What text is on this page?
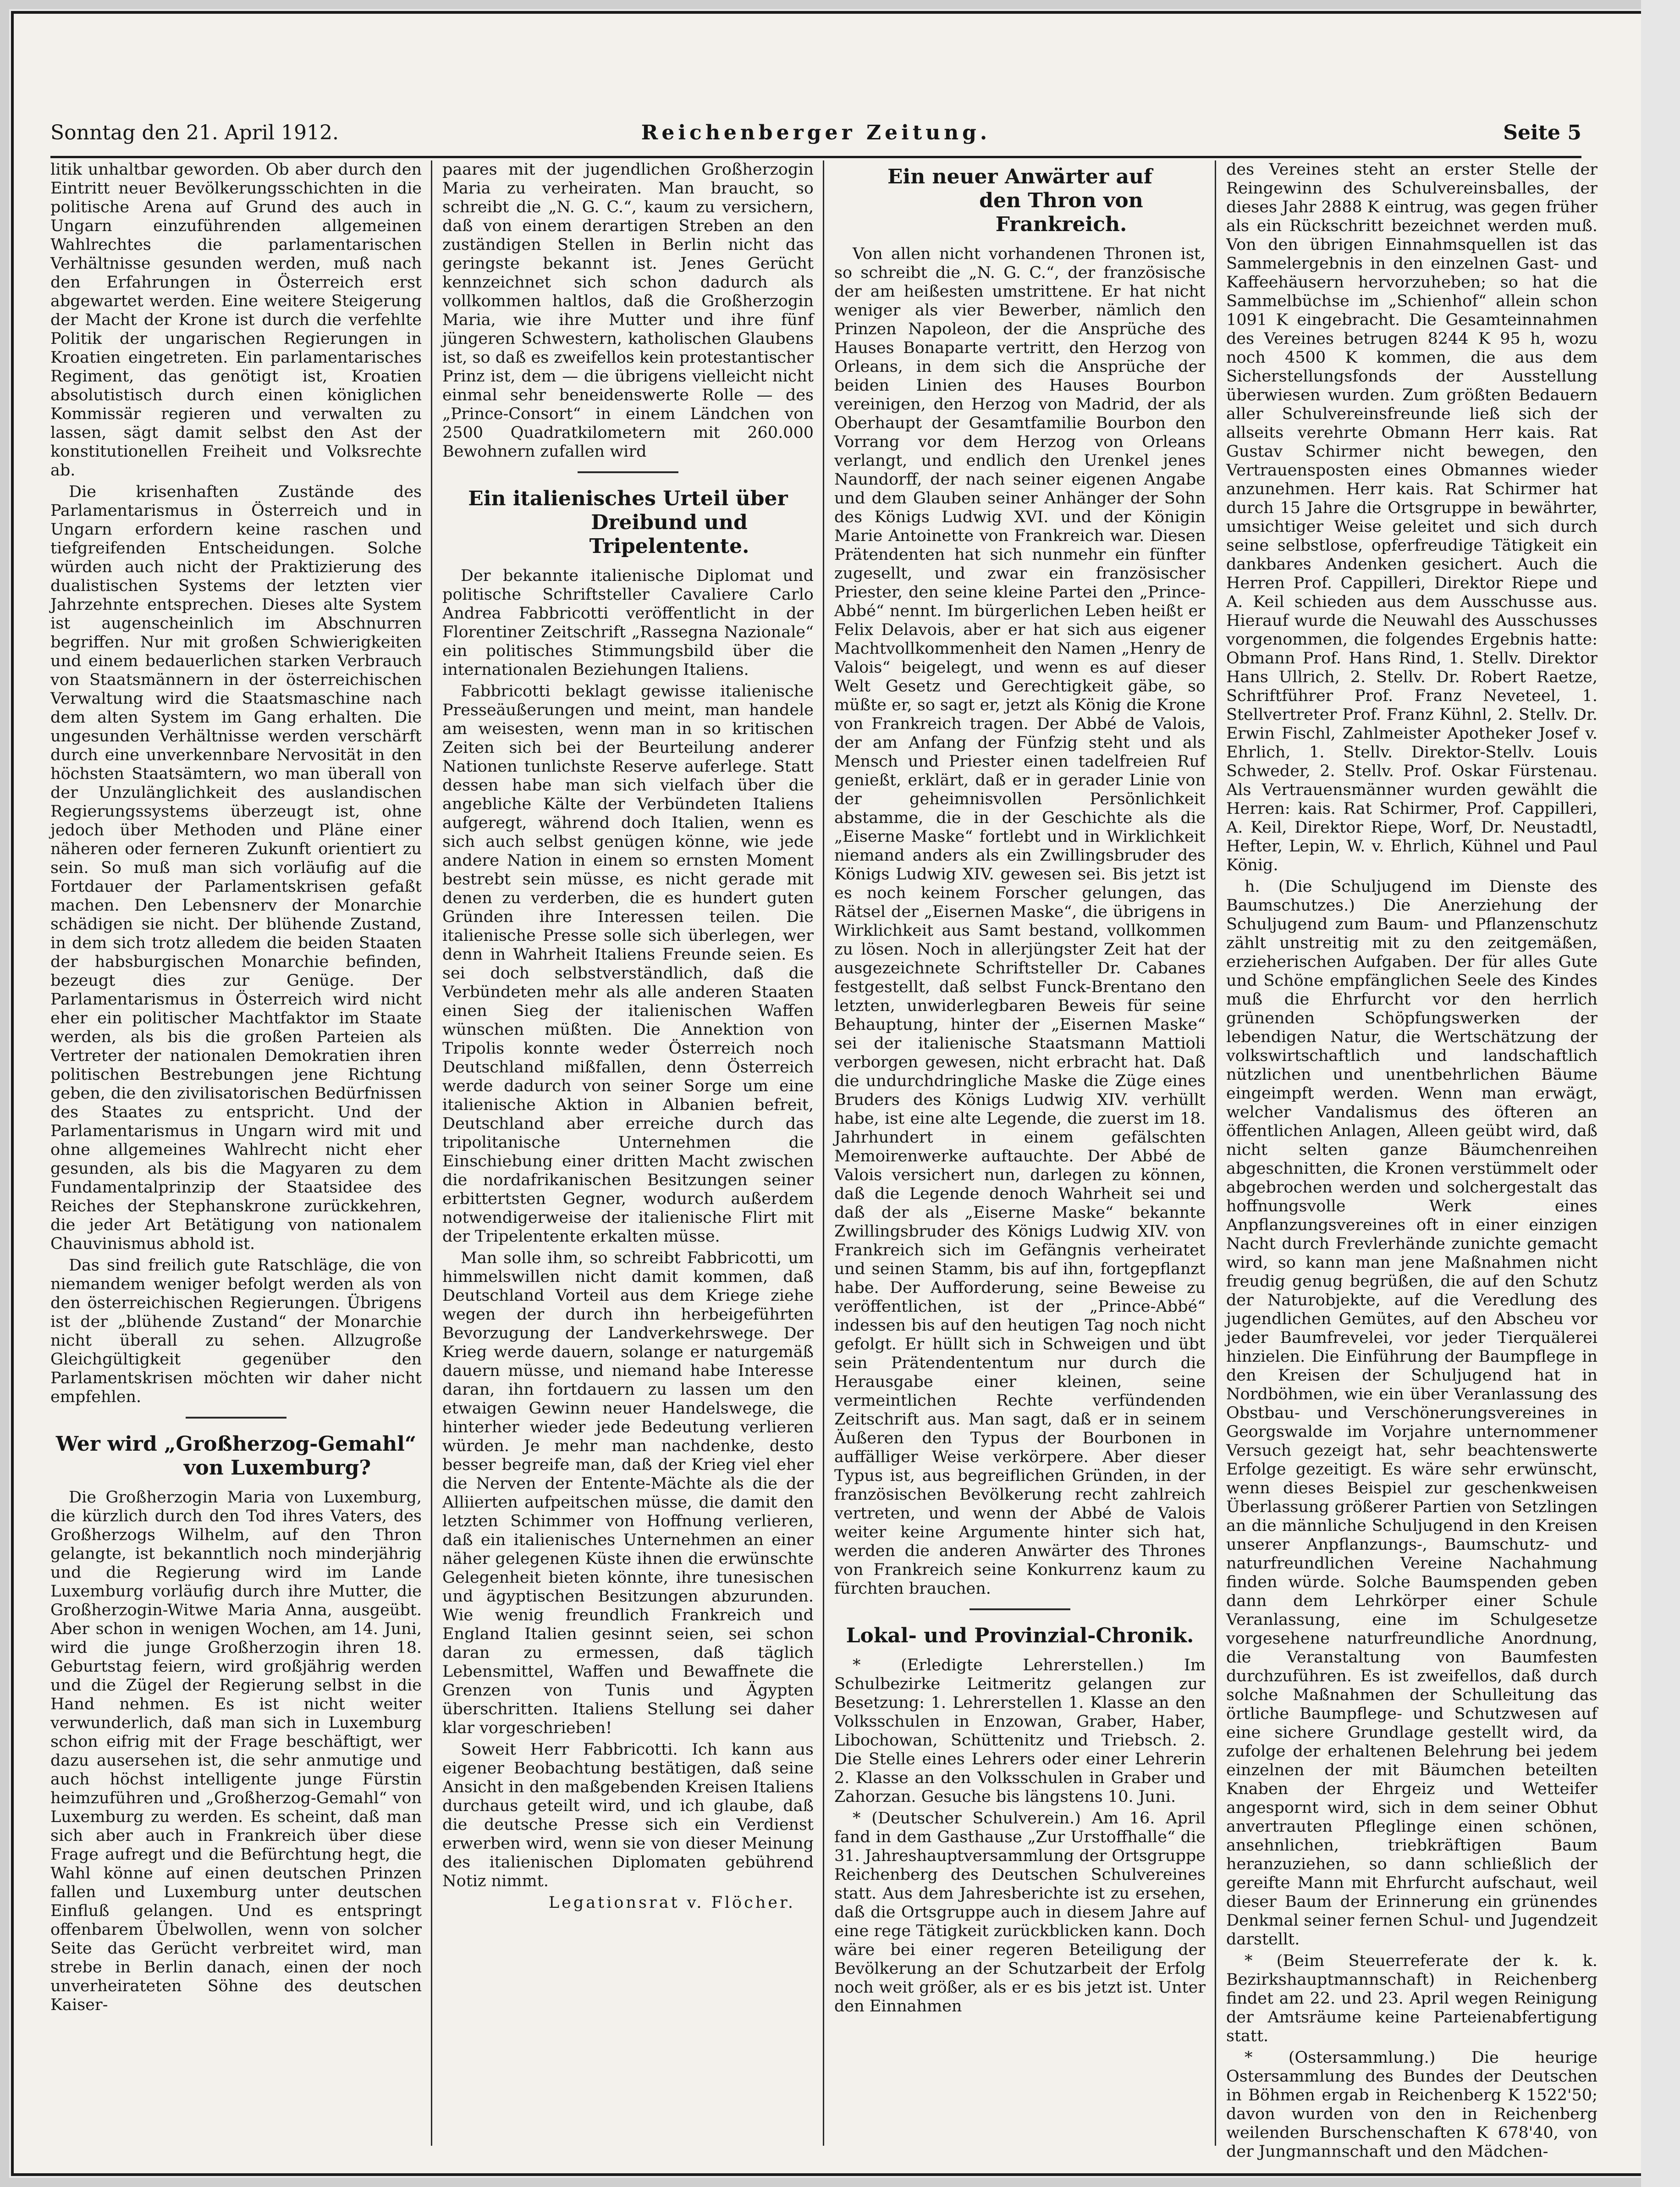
Sonntag den 21. April 1912.	Reichenberger Zeitung.	Seite 5

litik unhaltbar geworden. Ob aber durch den Eintritt neuer Bevölkerungsschichten in die politische Arena auf Grund des auch in Ungarn einzuführenden allgemeinen Wahlrechtes die parlamentarischen Verhältnisse gesunden werden, muß nach den Erfahrungen in Österreich erst abgewartet werden. Eine weitere Steigerung der Macht der Krone ist durch die verfehlte Politik der ungarischen Regierungen in Kroatien eingetreten. Ein parlamentarisches Regiment, das genötigt ist, Kroatien absolutistisch durch einen königlichen Kommissär regieren und verwalten zu lassen, sägt damit selbst den Ast der konstitutionellen Freiheit und Volksrechte ab.

Die krisenhaften Zustände des Parlamentarismus in Österreich und in Ungarn erfordern keine raschen und tiefgreifenden Entscheidungen. Solche würden auch nicht der Praktizierung des dualistischen Systems der letzten vier Jahrzehnte entsprechen. Dieses alte System ist augenscheinlich im Abschnurren begriffen. Nur mit großen Schwierigkeiten und einem bedauerlichen starken Verbrauch von Staatsmännern in der österreichischen Verwaltung wird die Staatsmaschine nach dem alten System im Gang erhalten. Die ungesunden Verhältnisse werden verschärft durch eine unverkennbare Nervosität in den höchsten Staatsämtern, wo man überall von der Unzulänglichkeit des auslandischen Regierungssystems überzeugt ist, ohne jedoch über Methoden und Pläne einer näheren oder ferneren Zukunft orientiert zu sein. So muß man sich vorläufig auf die Fortdauer der Parlamentskrisen gefaßt machen. Den Lebensnerv der Monarchie schädigen sie nicht. Der blühende Zustand, in dem sich trotz alledem die beiden Staaten der habsburgischen Monarchie befinden, bezeugt dies zur Genüge. Der Parlamentarismus in Österreich wird nicht eher ein politischer Machtfaktor im Staate werden, als bis die großen Parteien als Vertreter der nationalen Demokratien ihren politischen Bestrebungen jene Richtung geben, die den zivilisatorischen Bedürfnissen des Staates zu entspricht. Und der Parlamentarismus in Ungarn wird mit und ohne allgemeines Wahlrecht nicht eher gesunden, als bis die Magyaren zu dem Fundamentalprinzip der Staatsidee des Reiches der Stephanskrone zurückkehren, die jeder Art Betätigung von nationalem Chauvinismus abhold ist.

Das sind freilich gute Ratschläge, die von niemandem weniger befolgt werden als von den österreichischen Regierungen. Übrigens ist der „blühende Zustand“ der Monarchie nicht überall zu sehen. Allzugroße Gleichgültigkeit gegenüber den Parlamentskrisen möchten wir daher nicht empfehlen.

Wer wird „Großherzog-Gemahl“
von Luxemburg?

Die Großherzogin Maria von Luxemburg, die kürzlich durch den Tod ihres Vaters, des Großherzogs Wilhelm, auf den Thron gelangte, ist bekanntlich noch minderjährig und die Regierung wird im Lande Luxemburg vorläufig durch ihre Mutter, die Großherzogin-Witwe Maria Anna, ausgeübt. Aber schon in wenigen Wochen, am 14. Juni, wird die junge Großherzogin ihren 18. Geburtstag feiern, wird großjährig werden und die Zügel der Regierung selbst in die Hand nehmen. Es ist nicht weiter verwunderlich, daß man sich in Luxemburg schon eifrig mit der Frage beschäftigt, wer dazu ausersehen ist, die sehr anmutige und auch höchst intelligente junge Fürstin heimzuführen und „Großherzog-Gemahl“ von Luxemburg zu werden. Es scheint, daß man sich aber auch in Frankreich über diese Frage aufregt und die Befürchtung hegt, die Wahl könne auf einen deutschen Prinzen fallen und Luxemburg unter deutschen Einfluß gelangen. Und es entspringt offenbarem Übelwollen, wenn von solcher Seite das Gerücht verbreitet wird, man strebe in Berlin danach, einen der noch unverheirateten Söhne des deutschen Kaiser-

paares mit der jugendlichen Großherzogin Maria zu verheiraten. Man braucht, so schreibt die „N. G. C.“, kaum zu versichern, daß von einem derartigen Streben an den zuständigen Stellen in Berlin nicht das geringste bekannt ist. Jenes Gerücht kennzeichnet sich schon dadurch als vollkommen haltlos, daß die Großherzogin Maria, wie ihre Mutter und ihre fünf jüngeren Schwestern, katholischen Glaubens ist, so daß es zweifellos kein protestantischer Prinz ist, dem — die übrigens vielleicht nicht einmal sehr beneidenswerte Rolle — des „Prince-Consort“ in einem Ländchen von 2500 Quadratkilometern mit 260.000 Bewohnern zufallen wird

Ein italienisches Urteil über
Dreibund und Tripelentente.

Der bekannte italienische Diplomat und politische Schriftsteller Cavaliere Carlo Andrea Fabbricotti veröffentlicht in der Florentiner Zeitschrift „Rassegna Nazionale“ ein politisches Stimmungsbild über die internationalen Beziehungen Italiens.

Fabbricotti beklagt gewisse italienische Presseäußerungen und meint, man handele am weisesten, wenn man in so kritischen Zeiten sich bei der Beurteilung anderer Nationen tunlichste Reserve auferlege. Statt dessen habe man sich vielfach über die angebliche Kälte der Verbündeten Italiens aufgeregt, während doch Italien, wenn es sich auch selbst genügen könne, wie jede andere Nation in einem so ernsten Moment bestrebt sein müsse, es nicht gerade mit denen zu verderben, die es hundert guten Gründen ihre Interessen teilen. Die italienische Presse solle sich überlegen, wer denn in Wahrheit Italiens Freunde seien. Es sei doch selbstverständlich, daß die Verbündeten mehr als alle anderen Staaten einen Sieg der italienischen Waffen wünschen müßten. Die Annektion von Tripolis konnte weder Österreich noch Deutschland mißfallen, denn Österreich werde dadurch von seiner Sorge um eine italienische Aktion in Albanien befreit, Deutschland aber erreiche durch das tripolitanische Unternehmen die Einschiebung einer dritten Macht zwischen die nordafrikanischen Besitzungen seiner erbittertsten Gegner, wodurch außerdem notwendigerweise der italienische Flirt mit der Tripelentente erkalten müsse.

Man solle ihm, so schreibt Fabbricotti, um himmelswillen nicht damit kommen, daß Deutschland Vorteil aus dem Kriege ziehe wegen der durch ihn herbeigeführten Bevorzugung der Landverkehrswege. Der Krieg werde dauern, solange er naturgemäß dauern müsse, und niemand habe Interesse daran, ihn fortdauern zu lassen um den etwaigen Gewinn neuer Handelswege, die hinterher wieder jede Bedeutung verlieren würden. Je mehr man nachdenke, desto besser begreife man, daß der Krieg viel eher die Nerven der Entente-Mächte als die der Alliierten aufpeitschen müsse, die damit den letzten Schimmer von Hoffnung verlieren, daß ein italienisches Unternehmen an einer näher gelegenen Küste ihnen die erwünschte Gelegenheit bieten könnte, ihre tunesischen und ägyptischen Besitzungen abzurunden. Wie wenig freundlich Frankreich und England Italien gesinnt seien, sei schon daran zu ermessen, daß täglich Lebensmittel, Waffen und Bewaffnete die Grenzen von Tunis und Ägypten überschritten. Italiens Stellung sei daher klar vorgeschrieben!

Soweit Herr Fabbricotti. Ich kann aus eigener Beobachtung bestätigen, daß seine Ansicht in den maßgebenden Kreisen Italiens durchaus geteilt wird, und ich glaube, daß die deutsche Presse sich ein Verdienst erwerben wird, wenn sie von dieser Meinung des italienischen Diplomaten gebührend Notiz nimmt.

Legationsrat v. Flöcher.

Ein neuer Anwärter auf
den Thron von Frankreich.

Von allen nicht vorhandenen Thronen ist, so schreibt die „N. G. C.“, der französische der am heißesten umstrittene. Er hat nicht weniger als vier Bewerber, nämlich den Prinzen Napoleon, der die Ansprüche des Hauses Bonaparte vertritt, den Herzog von Orleans, in dem sich die Ansprüche der beiden Linien des Hauses Bourbon vereinigen, den Herzog von Madrid, der als Oberhaupt der Gesamtfamilie Bourbon den Vorrang vor dem Herzog von Orleans verlangt, und endlich den Urenkel jenes Naundorff, der nach seiner eigenen Angabe und dem Glauben seiner Anhänger der Sohn des Königs Ludwig XVI. und der Königin Marie Antoinette von Frankreich war. Diesen Prätendenten hat sich nunmehr ein fünfter zugesellt, und zwar ein französischer Priester, den seine kleine Partei den „Prince-Abbé“ nennt. Im bürgerlichen Leben heißt er Felix Delavois, aber er hat sich aus eigener Machtvollkommenheit den Namen „Henry de Valois“ beigelegt, und wenn es auf dieser Welt Gesetz und Gerechtigkeit gäbe, so müßte er, so sagt er, jetzt als König die Krone von Frankreich tragen. Der Abbé de Valois, der am Anfang der Fünfzig steht und als Mensch und Priester einen tadelfreien Ruf genießt, erklärt, daß er in gerader Linie von der geheimnisvollen Persönlichkeit abstamme, die in der Geschichte als die „Eiserne Maske“ fortlebt und in Wirklichkeit niemand anders als ein Zwillingsbruder des Königs Ludwig XIV. gewesen sei. Bis jetzt ist es noch keinem Forscher gelungen, das Rätsel der „Eisernen Maske“, die übrigens in Wirklichkeit aus Samt bestand, vollkommen zu lösen. Noch in allerjüngster Zeit hat der ausgezeichnete Schriftsteller Dr. Cabanes festgestellt, daß selbst Funck-Brentano den letzten, unwiderlegbaren Beweis für seine Behauptung, hinter der „Eisernen Maske“ sei der italienische Staatsmann Mattioli verborgen gewesen, nicht erbracht hat. Daß die undurchdringliche Maske die Züge eines Bruders des Königs Ludwig XIV. verhüllt habe, ist eine alte Legende, die zuerst im 18. Jahrhundert in einem gefälschten Memoirenwerke auftauchte. Der Abbé de Valois versichert nun, darlegen zu können, daß die Legende denoch Wahrheit sei und daß der als „Eiserne Maske“ bekannte Zwillingsbruder des Königs Ludwig XIV. von Frankreich sich im Gefängnis verheiratet und seinen Stamm, bis auf ihn, fortgepflanzt habe. Der Aufforderung, seine Beweise zu veröffentlichen, ist der „Prince-Abbé“ indessen bis auf den heutigen Tag noch nicht gefolgt. Er hüllt sich in Schweigen und übt sein Prätendententum nur durch die Herausgabe einer kleinen, seine vermeintlichen Rechte verfündenden Zeitschrift aus. Man sagt, daß er in seinem Äußeren den Typus der Bourbonen in auffälliger Weise verkörpere. Aber dieser Typus ist, aus begreiflichen Gründen, in der französischen Bevölkerung recht zahlreich vertreten, und wenn der Abbé de Valois weiter keine Argumente hinter sich hat, werden die anderen Anwärter des Thrones von Frankreich seine Konkurrenz kaum zu fürchten brauchen.

Lokal- und Provinzial-Chronik.

* (Erledigte Lehrerstellen.) Im Schulbezirke Leitmeritz gelangen zur Besetzung: 1. Lehrerstellen 1. Klasse an den Volksschulen in Enzowan, Graber, Haber, Libochowan, Schüttenitz und Triebsch. 2. Die Stelle eines Lehrers oder einer Lehrerin 2. Klasse an den Volksschulen in Graber und Zahorzan. Gesuche bis längstens 10. Juni.

* (Deutscher Schulverein.) Am 16. April fand in dem Gasthause „Zur Urstoffhalle“ die 31. Jahreshauptversammlung der Ortsgruppe Reichenberg des Deutschen Schulvereines statt. Aus dem Jahresberichte ist zu ersehen, daß die Ortsgruppe auch in diesem Jahre auf eine rege Tätigkeit zurückblicken kann. Doch wäre bei einer regeren Beteiligung der Bevölkerung an der Schutzarbeit der Erfolg noch weit größer, als er es bis jetzt ist. Unter den Einnahmen

des Vereines steht an erster Stelle der Reingewinn des Schulvereinsballes, der dieses Jahr 2888 K eintrug, was gegen früher als ein Rückschritt bezeichnet werden muß. Von den übrigen Einnahmsquellen ist das Sammelergebnis in den einzelnen Gast- und Kaffeehäusern hervorzuheben; so hat die Sammelbüchse im „Schienhof“ allein schon 1091 K eingebracht. Die Gesamteinnahmen des Vereines betrugen 8244 K 95 h, wozu noch 4500 K kommen, die aus dem Sicherstellungsfonds der Ausstellung überwiesen wurden. Zum größten Bedauern aller Schulvereinsfreunde ließ sich der allseits verehrte Obmann Herr kais. Rat Gustav Schirmer nicht bewegen, den Vertrauensposten eines Obmannes wieder anzunehmen. Herr kais. Rat Schirmer hat durch 15 Jahre die Ortsgruppe in bewährter, umsichtiger Weise geleitet und sich durch seine selbstlose, opferfreudige Tätigkeit ein dankbares Andenken gesichert. Auch die Herren Prof. Cappilleri, Direktor Riepe und A. Keil schieden aus dem Ausschusse aus. Hierauf wurde die Neuwahl des Ausschusses vorgenommen, die folgendes Ergebnis hatte: Obmann Prof. Hans Rind, 1. Stellv. Direktor Hans Ullrich, 2. Stellv. Dr. Robert Raetze, Schriftführer Prof. Franz Neveteel, 1. Stellvertreter Prof. Franz Kühnl, 2. Stellv. Dr. Erwin Fischl, Zahlmeister Apotheker Josef v. Ehrlich, 1. Stellv. Direktor-Stellv. Louis Schweder, 2. Stellv. Prof. Oskar Fürstenau. Als Vertrauensmänner wurden gewählt die Herren: kais. Rat Schirmer, Prof. Cappilleri, A. Keil, Direktor Riepe, Worf, Dr. Neustadtl, Hefter, Lepin, W. v. Ehrlich, Kühnel und Paul König.

h. (Die Schuljugend im Dienste des Baumschutzes.) Die Anerziehung der Schuljugend zum Baum- und Pflanzenschutz zählt unstreitig mit zu den zeitgemäßen, erzieherischen Aufgaben. Der für alles Gute und Schöne empfänglichen Seele des Kindes muß die Ehrfurcht vor den herrlich grünenden Schöpfungswerken der lebendigen Natur, die Wertschätzung der volkswirtschaftlich und landschaftlich nützlichen und unentbehrlichen Bäume eingeimpft werden. Wenn man erwägt, welcher Vandalismus des öfteren an öffentlichen Anlagen, Alleen geübt wird, daß nicht selten ganze Bäumchenreihen abgeschnitten, die Kronen verstümmelt oder abgebrochen werden und solchergestalt das hoffnungsvolle Werk eines Anpflanzungsvereines oft in einer einzigen Nacht durch Frevlerhände zunichte gemacht wird, so kann man jene Maßnahmen nicht freudig genug begrüßen, die auf den Schutz der Naturobjekte, auf die Veredlung des jugendlichen Gemütes, auf den Abscheu vor jeder Baumfrevelei, vor jeder Tierquälerei hinzielen. Die Einführung der Baumpflege in den Kreisen der Schuljugend hat in Nordböhmen, wie ein über Veranlassung des Obstbau- und Verschönerungsvereines in Georgswalde im Vorjahre unternommener Versuch gezeigt hat, sehr beachtenswerte Erfolge gezeitigt. Es wäre sehr erwünscht, wenn dieses Beispiel zur geschenkweisen Überlassung größerer Partien von Setzlingen an die männliche Schuljugend in den Kreisen unserer Anpflanzungs-, Baumschutz- und naturfreundlichen Vereine Nachahmung finden würde. Solche Baumspenden geben dann dem Lehrkörper einer Schule Veranlassung, eine im Schulgesetze vorgesehene naturfreundliche Anordnung, die Veranstaltung von Baumfesten durchzuführen. Es ist zweifellos, daß durch solche Maßnahmen der Schulleitung das örtliche Baumpflege- und Schutzwesen auf eine sichere Grundlage gestellt wird, da zufolge der erhaltenen Belehrung bei jedem einzelnen der mit Bäumchen beteilten Knaben der Ehrgeiz und Wetteifer angespornt wird, sich in dem seiner Obhut anvertrauten Pfleglinge einen schönen, ansehnlichen, triebkräftigen Baum heranzuziehen, so dann schließlich der gereifte Mann mit Ehrfurcht aufschaut, weil dieser Baum der Erinnerung ein grünendes Denkmal seiner fernen Schul- und Jugendzeit darstellt.

* (Beim Steuerreferate der k. k. Bezirkshauptmannschaft) in Reichenberg findet am 22. und 23. April wegen Reinigung der Amtsräume keine Parteienabfertigung statt.

* (Ostersammlung.) Die heurige Ostersammlung des Bundes der Deutschen in Böhmen ergab in Reichenberg K 1522'50; davon wurden von den in Reichenberg weilenden Burschenschaften K 678'40, von der Jungmannschaft und den Mädchen-
